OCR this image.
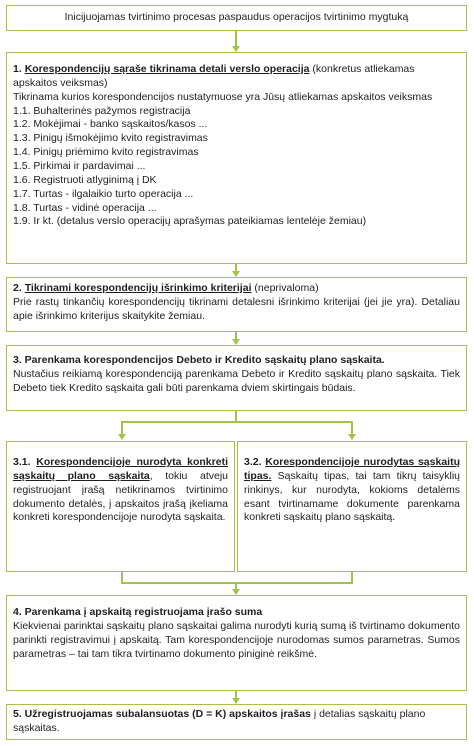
Inicijuojamas tvirtinimo procesas paspaudus operacijos tvirtinimo mygtuką
1. Korespondencijų sąraše tikrinama detali verslo operacija (konkretus atliekamas apskaitos veiksmas)
Tikrinama kurios korespondencijos nustatymuose yra Jūsų atliekamas apskaitos veiksmas
1.1. Buhalterinės pažymos registracija
1.2. Mokėjimai - banko sąskaitos/kasos ...
1.3. Pinigų išmokėjimo kvito registravimas
1.4. Pinigų priėmimo kvito registravimas
1.5. Pirkimai ir pardavimai ...
1.6. Registruoti atlyginimą į DK
1.7. Turtas - ilgalaikio turto operacija ...
1.8. Turtas - vidinė operacija ...
1.9. Ir kt. (detalus verslo operacijų aprašymas pateikiamas lentelėje žemiau)
2. Tikrinami korespondencijų išrinkimo kriterijai (neprivaloma)
Prie rastų tinkančių korespondencijų tikrinami detalesni išrinkimo kriterijai (jei jie yra). Detaliau apie išrinkimo kriterijus skaitykite žemiau.
3. Parenkama korespondencijos Debeto ir Kredito sąskaitų plano sąskaita.
Nustačius reikiamą korespondenciją parenkama Debeto ir Kredito sąskaitų plano sąskaita. Tiek Debeto tiek Kredito sąskaita gali būti parenkama dviem skirtingais būdais.
3.1. Korespondencijoje nurodyta konkreti sąskaitų plano sąskaita, tokiu atveju registruojant įrašą netikrinamos tvirtinimo dokumento detalės, į apskaitos įrašą įkeliama konkreti korespondencijoje nurodyta sąskaita.
3.2. Korespondencijoje nurodytas sąskaitų tipas. Sąskaitų tipas, tai tam tikrų taisyklių rinkinys, kur nurodyta, kokioms detalėms esant tvirtinamame dokumente parenkama konkreti sąskaitų plano sąskaitą.
4. Parenkama į apskaitą registruojama įrašo suma
Kiekvienai parinktai sąskaitų plano sąskaitai galima nurodyti kurią sumą iš tvirtinamo dokumento parinkti registravimui į apskaitą. Tam korespondencijoje nurodomas sumos parametras. Sumos parametras – tai tam tikra tvirtinamo dokumento piniginė reikšmė.
5. Užregistruojamas subalansuotas (D = K) apskaitos įrašas į detalias sąskaitų plano sąskaitas.
